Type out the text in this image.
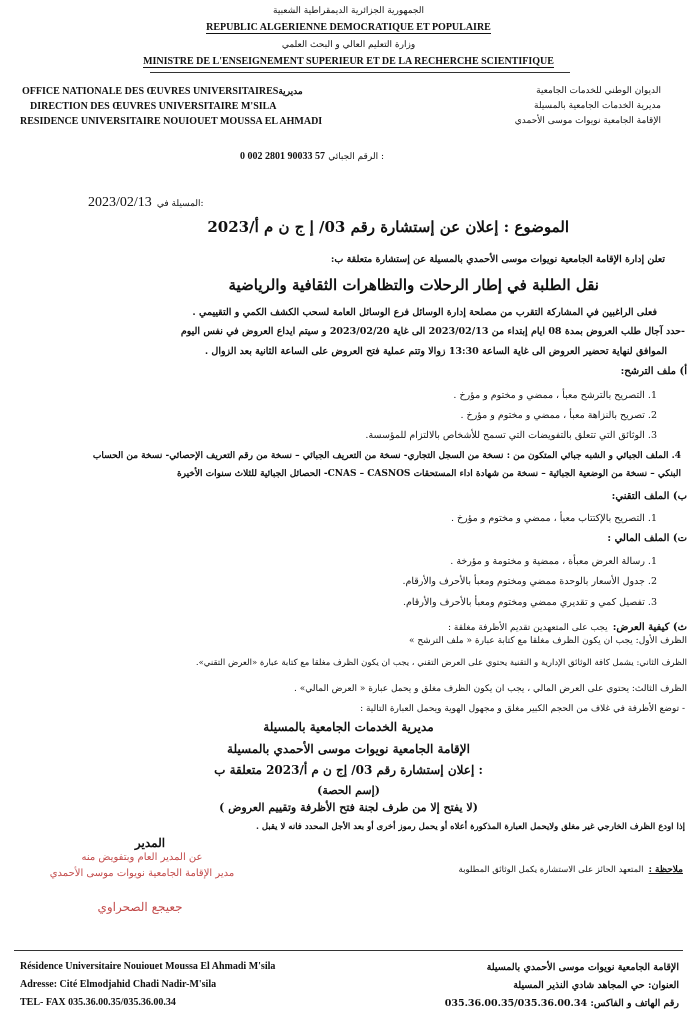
الجمهورية الجزائرية الديمقراطية الشعبية
REPUBLIC ALGERIENNE DEMOCRATIQUE ET POPULAIRE
وزارة التعليم العالي و البحث العلمي
MINISTRE DE L'ENSEIGNEMENT SUPERIEUR ET DE LA RECHERCHE SCIENTIFIQUE
OFFICE NATIONALE DES ŒUVRES UNIVERSITAIRESمديرية
DIRECTION DES ŒUVRES UNIVERSITAIRE M'SILA
RESIDENCE UNIVERSITAIRE NOUIOUET MOUSSA EL AHMADI
الديوان الوطني للخدمات الجامعية
مديرية الخدمات الجامعية بالمسيلة
الإقامة الجامعية نويوات موسى الأحمدي
0 002 2801 90033 57 الرقم الجبائي :
2023/02/13 المسيلة في:
الموضوع : إعلان عن إستشارة رقم 03/ إ ج ن م أ/2023
تعلن إدارة الإقامة الجامعية نويوات موسى الأحمدي بالمسيلة عن إستشارة متعلقة ب:
نقل الطلبة في إطار الرحلات والتظاهرات الثقافية والرياضية
فعلى الراغبين في المشاركة التقرب من مصلحة إدارة الوسائل فرع الوسائل العامة لسحب الكشف الكمي و التقييمي .
-حدد آجال طلب العروض بمدة 08 ايام إبتداء من 2023/02/13 الى غاية 2023/02/20 و سيتم ايداع العروض في نفس اليوم
الموافق لنهاية تحضير العروض الى غاية الساعة 13:30 زوالا وتتم عملية فتح العروض على الساعة الثانية بعد الزوال .
أ) ملف الترشح:
1. التصريح بالترشح معبأ ، ممضي و مختوم و مؤرخ .
2. تصريح بالنزاهة معبأ ، ممضي و مختوم و مؤرخ .
3. الوثائق التي تتعلق بالتفويضات التي تسمح للأشخاص بالالتزام للمؤسسة.
4. الملف الجبائي و الشبه جبائي المتكون من : نسخة من السجل التجاري- نسخة من التعريف الجبائي – نسخة من رقم التعريف الإحصائي- نسخة من الحساب
البنكي – نسخة من الوضعية الجبائية – نسخة من شهادة اداء المستحقات CNAS – CASNOS- الحصائل الجبائية للثلاث سنوات الأخيرة
ب) الملف التقني:
1. التصريح بالإكتتاب معبأ ، ممضي و مختوم و مؤرخ .
ت) الملف المالي :
1. رسالة العرض معبأة ، ممضية و مختومة و مؤرخة .
2. جدول الأسعار بالوحدة ممضي ومختوم ومعبأ بالأحرف والأرقام.
3. تفصيل كمي و تقديري ممضي ومختوم ومعبأ بالأحرف والأرقام.
ث) كيفية العرض: يجب على المتعهدين تقديم الأظرفة مغلقة :
الظرف الأول: يجب ان يكون الظرف مغلقا مع كتابة عبارة « ملف الترشح »
الظرف الثاني: يشمل كافة الوثائق الإدارية و التقنية يحتوي على العرض التقني ، يجب ان يكون الظرف مغلقا مع كتابة عبارة «العرض التقني».
الظرف الثالث: يحتوي على العرض المالي ، يجب ان يكون الظرف مغلق و يحمل عبارة « العرض المالي» .
- توضع الأظرفة في غلاف من الحجم الكبير مغلق و مجهول الهوية ويحمل العبارة التالية :
مديرية الخدمات الجامعية بالمسيلة
الإقامة الجامعية نويوات موسى الأحمدي بالمسيلة
إعلان إستشارة رقم 03/ إج ن م أ/2023 متعلقة ب :
(إسم الحصة)
( لا يفتح إلا من طرف لجنة فتح الأظرفة وتقييم العروض)
إذا اودع الظرف الخارجي غير مغلق ولايحمل العبارة المذكورة أعلاه أو يحمل رموز أخرى أو بعد الأجل المحدد فانه لا يقبل .
المدير
عن المدير العام وبتفويض منه
مدير الإقامة الجامعية نويوات موسى الأحمدي
جعيجع الصحراوي
ملاحظة : المتعهد الحائز على الاستشارة يكمل الوثائق المطلوبة
Résidence Universitaire Nouiouet Moussa El Ahmadi M'sila
Adresse: Cité Elmodjahid Chadi Nadir-M'sila
TEL- FAX 035.36.00.35/035.36.00.34
الإقامة الجامعية نويوات موسى الأحمدي بالمسيلة
العنوان: حي المجاهد شادي النذير المسيلة
رقم الهاتف و الفاكس: 035.36.00.35/035.36.00.34
